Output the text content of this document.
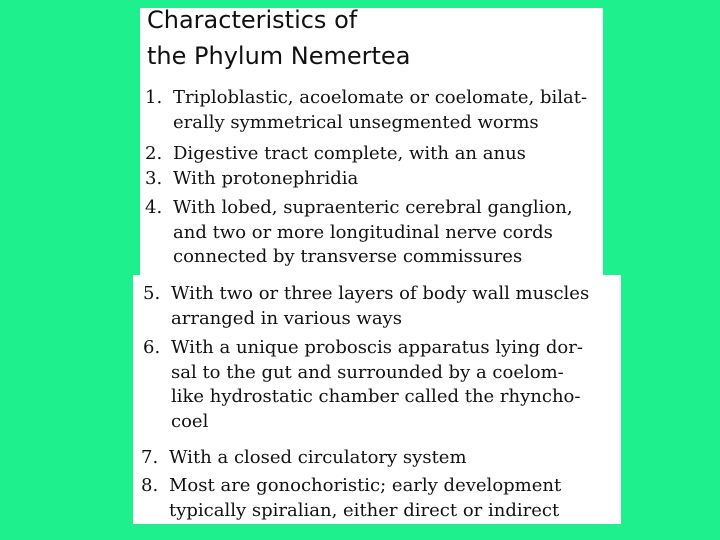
Characteristics of
the Phylum Nemertea
1. Triploblastic, acoelomate or coelomate, bilat-
erally symmetrical unsegmented worms
2. Digestive tract complete, with an anus
3. With protonephridia
4. With lobed, supraenteric cerebral ganglion,
and two or more longitudinal nerve cords
connected by transverse commissures
5. With two or three layers of body wall muscles
arranged in various ways
6. With a unique proboscis apparatus lying dor-
sal to the gut and surrounded by a coelom-
like hydrostatic chamber called the rhyncho-
coel
7. With a closed circulatory system
8. Most are gonochoristic; early development
typically spiralian, either direct or indirect
